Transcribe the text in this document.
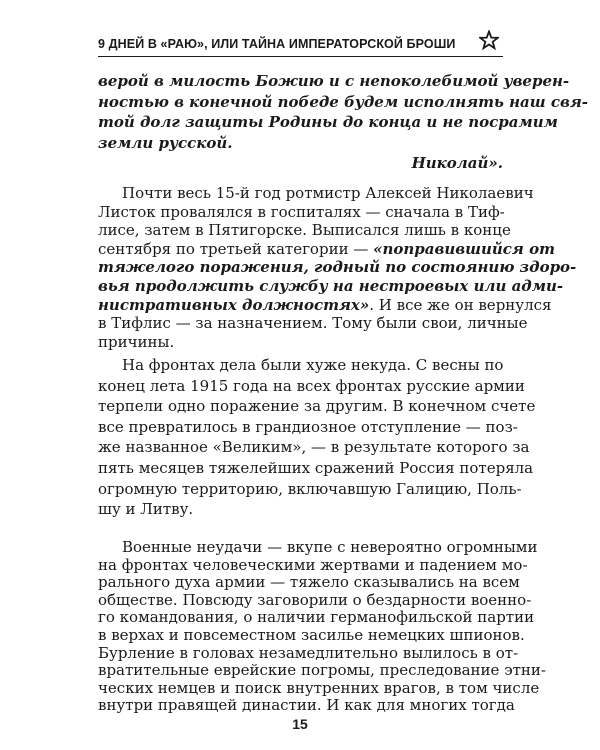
9 ДНЕЙ В «РАЮ», ИЛИ ТАЙНА ИМПЕРАТОРСКОЙ БРОШИ
верой в милость Божию и с непоколебимой уверен-
ностью в конечной победе будем исполнять наш свя-
той долг защиты Родины до конца и не посрамим
земли русской.
Николай».
Почти весь 15-й год ротмистр Алексей Николаевич
Листок провалялся в госпиталях — сначала в Тиф-
лисе, затем в Пятигорске. Выписался лишь в конце
сентября по третьей категории — «поправившийся от
тяжелого поражения, годный по состоянию здоро-
вья продолжить службу на нестроевых или адми-
нистративных должностях». И все же он вернулся
в Тифлис — за назначением. Тому были свои, личные
причины.
На фронтах дела были хуже некуда. С весны по
конец лета 1915 года на всех фронтах русские армии
терпели одно поражение за другим. В конечном счете
все превратилось в грандиозное отступление — поз-
же названное «Великим», — в результате которого за
пять месяцев тяжелейших сражений Россия потеряла
огромную территорию, включавшую Галицию, Поль-
шу и Литву.
Военные неудачи — вкупе с невероятно огромными
на фронтах человеческими жертвами и падением мо-
рального духа армии — тяжело сказывались на всем
обществе. Повсюду заговорили о бездарности военно-
го командования, о наличии германофильской партии
в верхах и повсеместном засилье немецких шпионов.
Бурление в головах незамедлительно вылилось в от-
15
вратительные еврейские погромы, преследование этни-
ческих немцев и поиск внутренних врагов, в том числе
внутри правящей династии. И как для многих тогда
